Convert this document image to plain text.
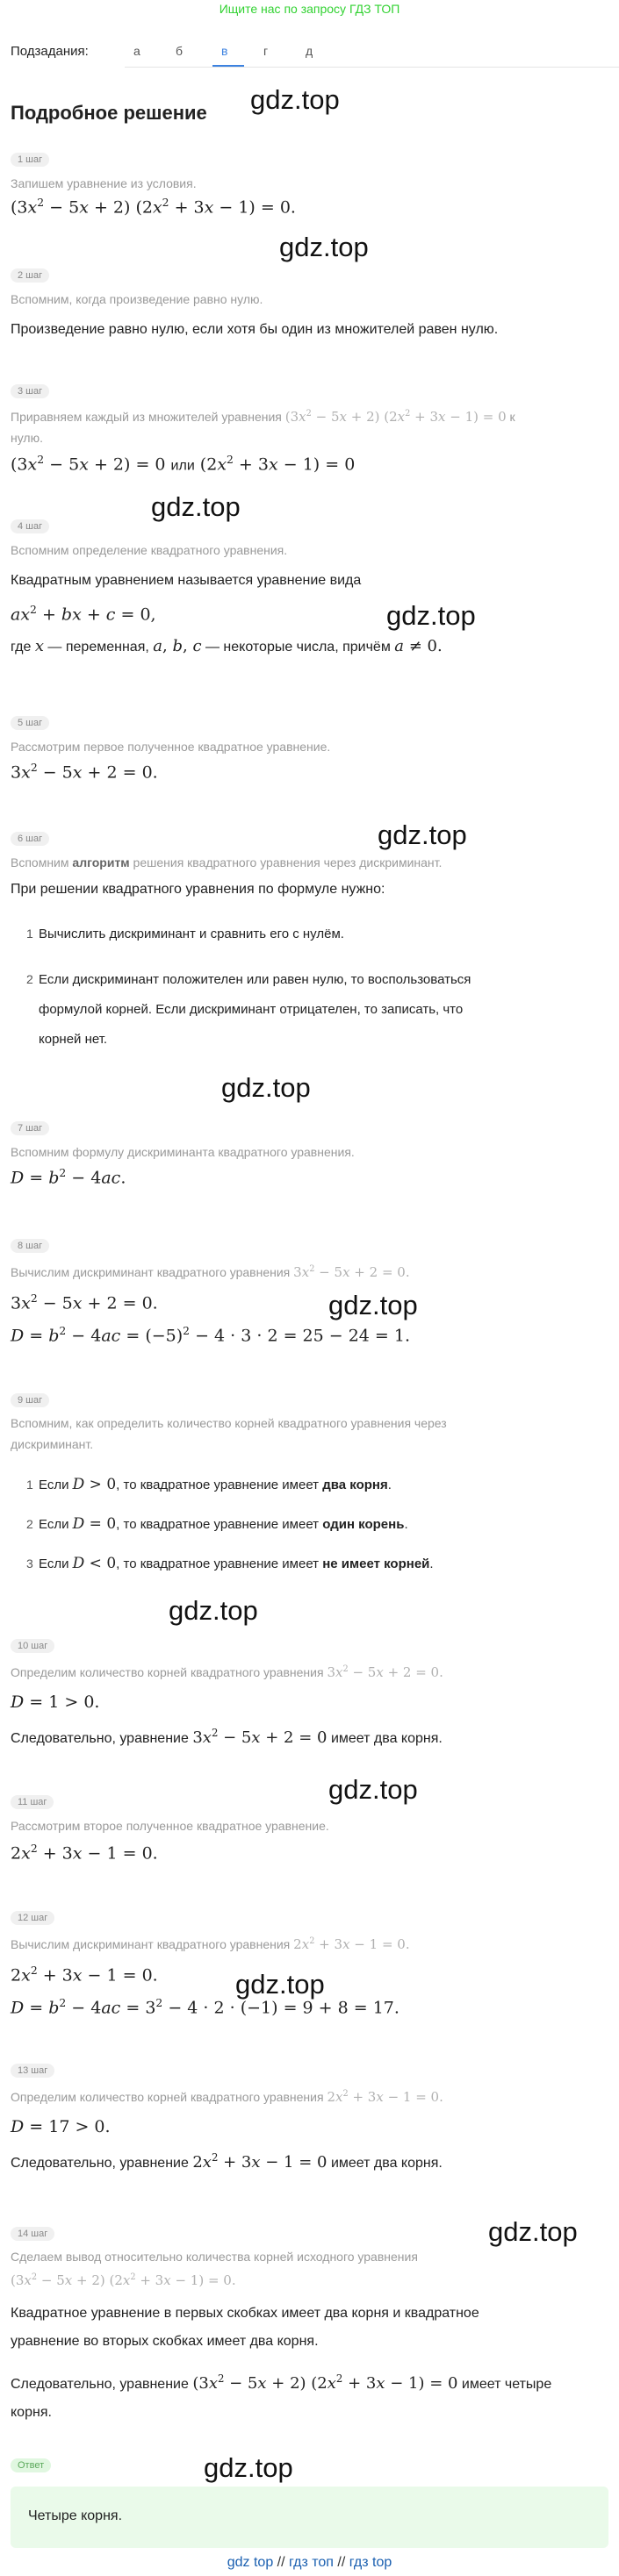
Ищите нас по запросу ГДЗ ТОП
Подзадания:	а	б	в	г	д
Подробное решение gdz.top
gdz.top
gdz.top
gdz.top
gdz.top
gdz.top
gdz.top
gdz.top
gdz.top
gdz.top
gdz.top
gdz.top
1 шаг
Запишем уравнение из условия.
$(3x^2 - 5x + 2) (2x^2 + 3x - 1) = 0$.
2 шаг
Вспомним, когда произведение равно нулю.
Произведение равно нулю, если хотя бы один из множителей равен нулю.
3 шаг
Приравняем каждый из множителей уравнения $(3x^2 - 5x + 2) (2x^2 + 3x - 1) = 0$ к
нулю.
$(3x^2 - 5x + 2) = 0$ или $(2x^2 + 3x - 1) = 0$
4 шаг
Вспомним определение квадратного уравнения.
Квадратным уравнением называется уравнение вида
$ax^2$ + bx + c = 0,
где x — переменная, a, b, c — некоторые числа, причём a ≠ 0.
5 шаг
Рассмотрим первое полученное квадратное уравнение.
$3x^2 - 5x + 2 = 0$.
6 шаг
Вспомним алгоритм решения квадратного уравнения через дискриминант.
При решении квадратного уравнения по формуле нужно:
1 Вычислить дискриминант и сравнить его с нулём.
2 Если дискриминант положителен или равен нулю, то воспользоваться
формулой корней. Если дискриминант отрицателен, то записать, что
корней нет.
7 шаг
Вспомним формулу дискриминанта квадратного уравнения.
$D = b^2 - 4ac$.
8 шаг
Вычислим дискриминант квадратного уравнения $3x^2 - 5x + 2 = 0$.
$3x^2 - 5x + 2 = 0$.
$D = b^2 - 4ac = (-5)^2 - 4 \cdot 3 \cdot 2 = 25 - 24 = 1$.
9 шаг
Вспомним, как определить количество корней квадратного уравнения через
дискриминант.
1 Если D > 0, то квадратное уравнение имеет два корня.
2 Если D = 0, то квадратное уравнение имеет один корень.
3 Если D < 0, то квадратное уравнение имеет не имеет корней.
10 шаг
Определим количество корней квадратного уравнения $3x^2 - 5x + 2 = 0$.
D = 1 > 0.
Следовательно, уравнение $3x^2 - 5x + 2 = 0$ имеет два корня.
11 шаг
Рассмотрим второе полученное квадратное уравнение.
$2x^2 + 3x - 1 = 0$.
12 шаг
Вычислим дискриминант квадратного уравнения $2x^2 + 3x - 1 = 0$.
$2x^2 + 3x - 1 = 0$.
$D = b^2 - 4ac = 3^2 - 4 \cdot 2 \cdot (-1) = 9 + 8 = 17$.
13 шаг
Определим количество корней квадратного уравнения $2x^2 + 3x - 1 = 0$.
D = 17 > 0.
Следовательно, уравнение $2x^2 + 3x - 1 = 0$ имеет два корня.
14 шаг
Сделаем вывод относительно количества корней исходного уравнения
$(3x^2 - 5x + 2) (2x^2 + 3x - 1) = 0$.
Квадратное уравнение в первых скобках имеет два корня и квадратное
уравнение во вторых скобках имеет два корня.
Следовательно, уравнение $(3x^2 - 5x + 2) (2x^2 + 3x - 1) = 0$ имеет четыре
корня.
Ответ
Четыре корня.
gdz top // гдз топ // гдз top
